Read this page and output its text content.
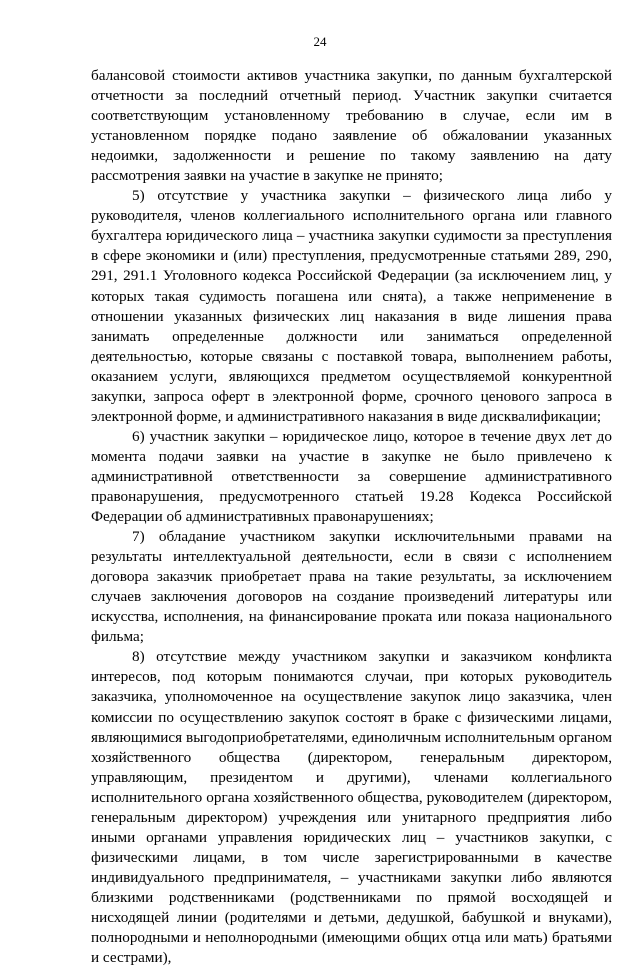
24

балансовой стоимости активов участника закупки, по данным бухгалтерской отчетности за последний отчетный период. Участник закупки считается соответствующим установленному требованию в случае, если им в установленном порядке подано заявление об обжаловании указанных недоимки, задолженности и решение по такому заявлению на дату рассмотрения заявки на участие в закупке не принято;

5) отсутствие у участника закупки – физического лица либо у руководителя, членов коллегиального исполнительного органа или главного бухгалтера юридического лица – участника закупки судимости за преступления в сфере экономики и (или) преступления, предусмотренные статьями 289, 290, 291, 291.1 Уголовного кодекса Российской Федерации (за исключением лиц, у которых такая судимость погашена или снята), а также неприменение в отношении указанных физических лиц наказания в виде лишения права занимать определенные должности или заниматься определенной деятельностью, которые связаны с поставкой товара, выполнением работы, оказанием услуги, являющихся предметом осуществляемой конкурентной закупки, запроса оферт в электронной форме, срочного ценового запроса в электронной форме, и административного наказания в виде дисквалификации;

6) участник закупки – юридическое лицо, которое в течение двух лет до момента подачи заявки на участие в закупке не было привлечено к административной ответственности за совершение административного правонарушения, предусмотренного статьей 19.28 Кодекса Российской Федерации об административных правонарушениях;

7) обладание участником закупки исключительными правами на результаты интеллектуальной деятельности, если в связи с исполнением договора заказчик приобретает права на такие результаты, за исключением случаев заключения договоров на создание произведений литературы или искусства, исполнения, на финансирование проката или показа национального фильма;

8) отсутствие между участником закупки и заказчиком конфликта интересов, под которым понимаются случаи, при которых руководитель заказчика, уполномоченное на осуществление закупок лицо заказчика, член комиссии по осуществлению закупок состоят в браке с физическими лицами, являющимися выгодоприобретателями, единоличным исполнительным органом хозяйственного общества (директором, генеральным директором, управляющим, президентом и другими), членами коллегиального исполнительного органа хозяйственного общества, руководителем (директором, генеральным директором) учреждения или унитарного предприятия либо иными органами управления юридических лиц – участников закупки, с физическими лицами, в том числе зарегистрированными в качестве индивидуального предпринимателя, – участниками закупки либо являются близкими родственниками (родственниками по прямой восходящей и нисходящей линии (родителями и детьми, дедушкой, бабушкой и внуками), полнородными и неполнородными (имеющими общих отца или мать) братьями и сестрами),
